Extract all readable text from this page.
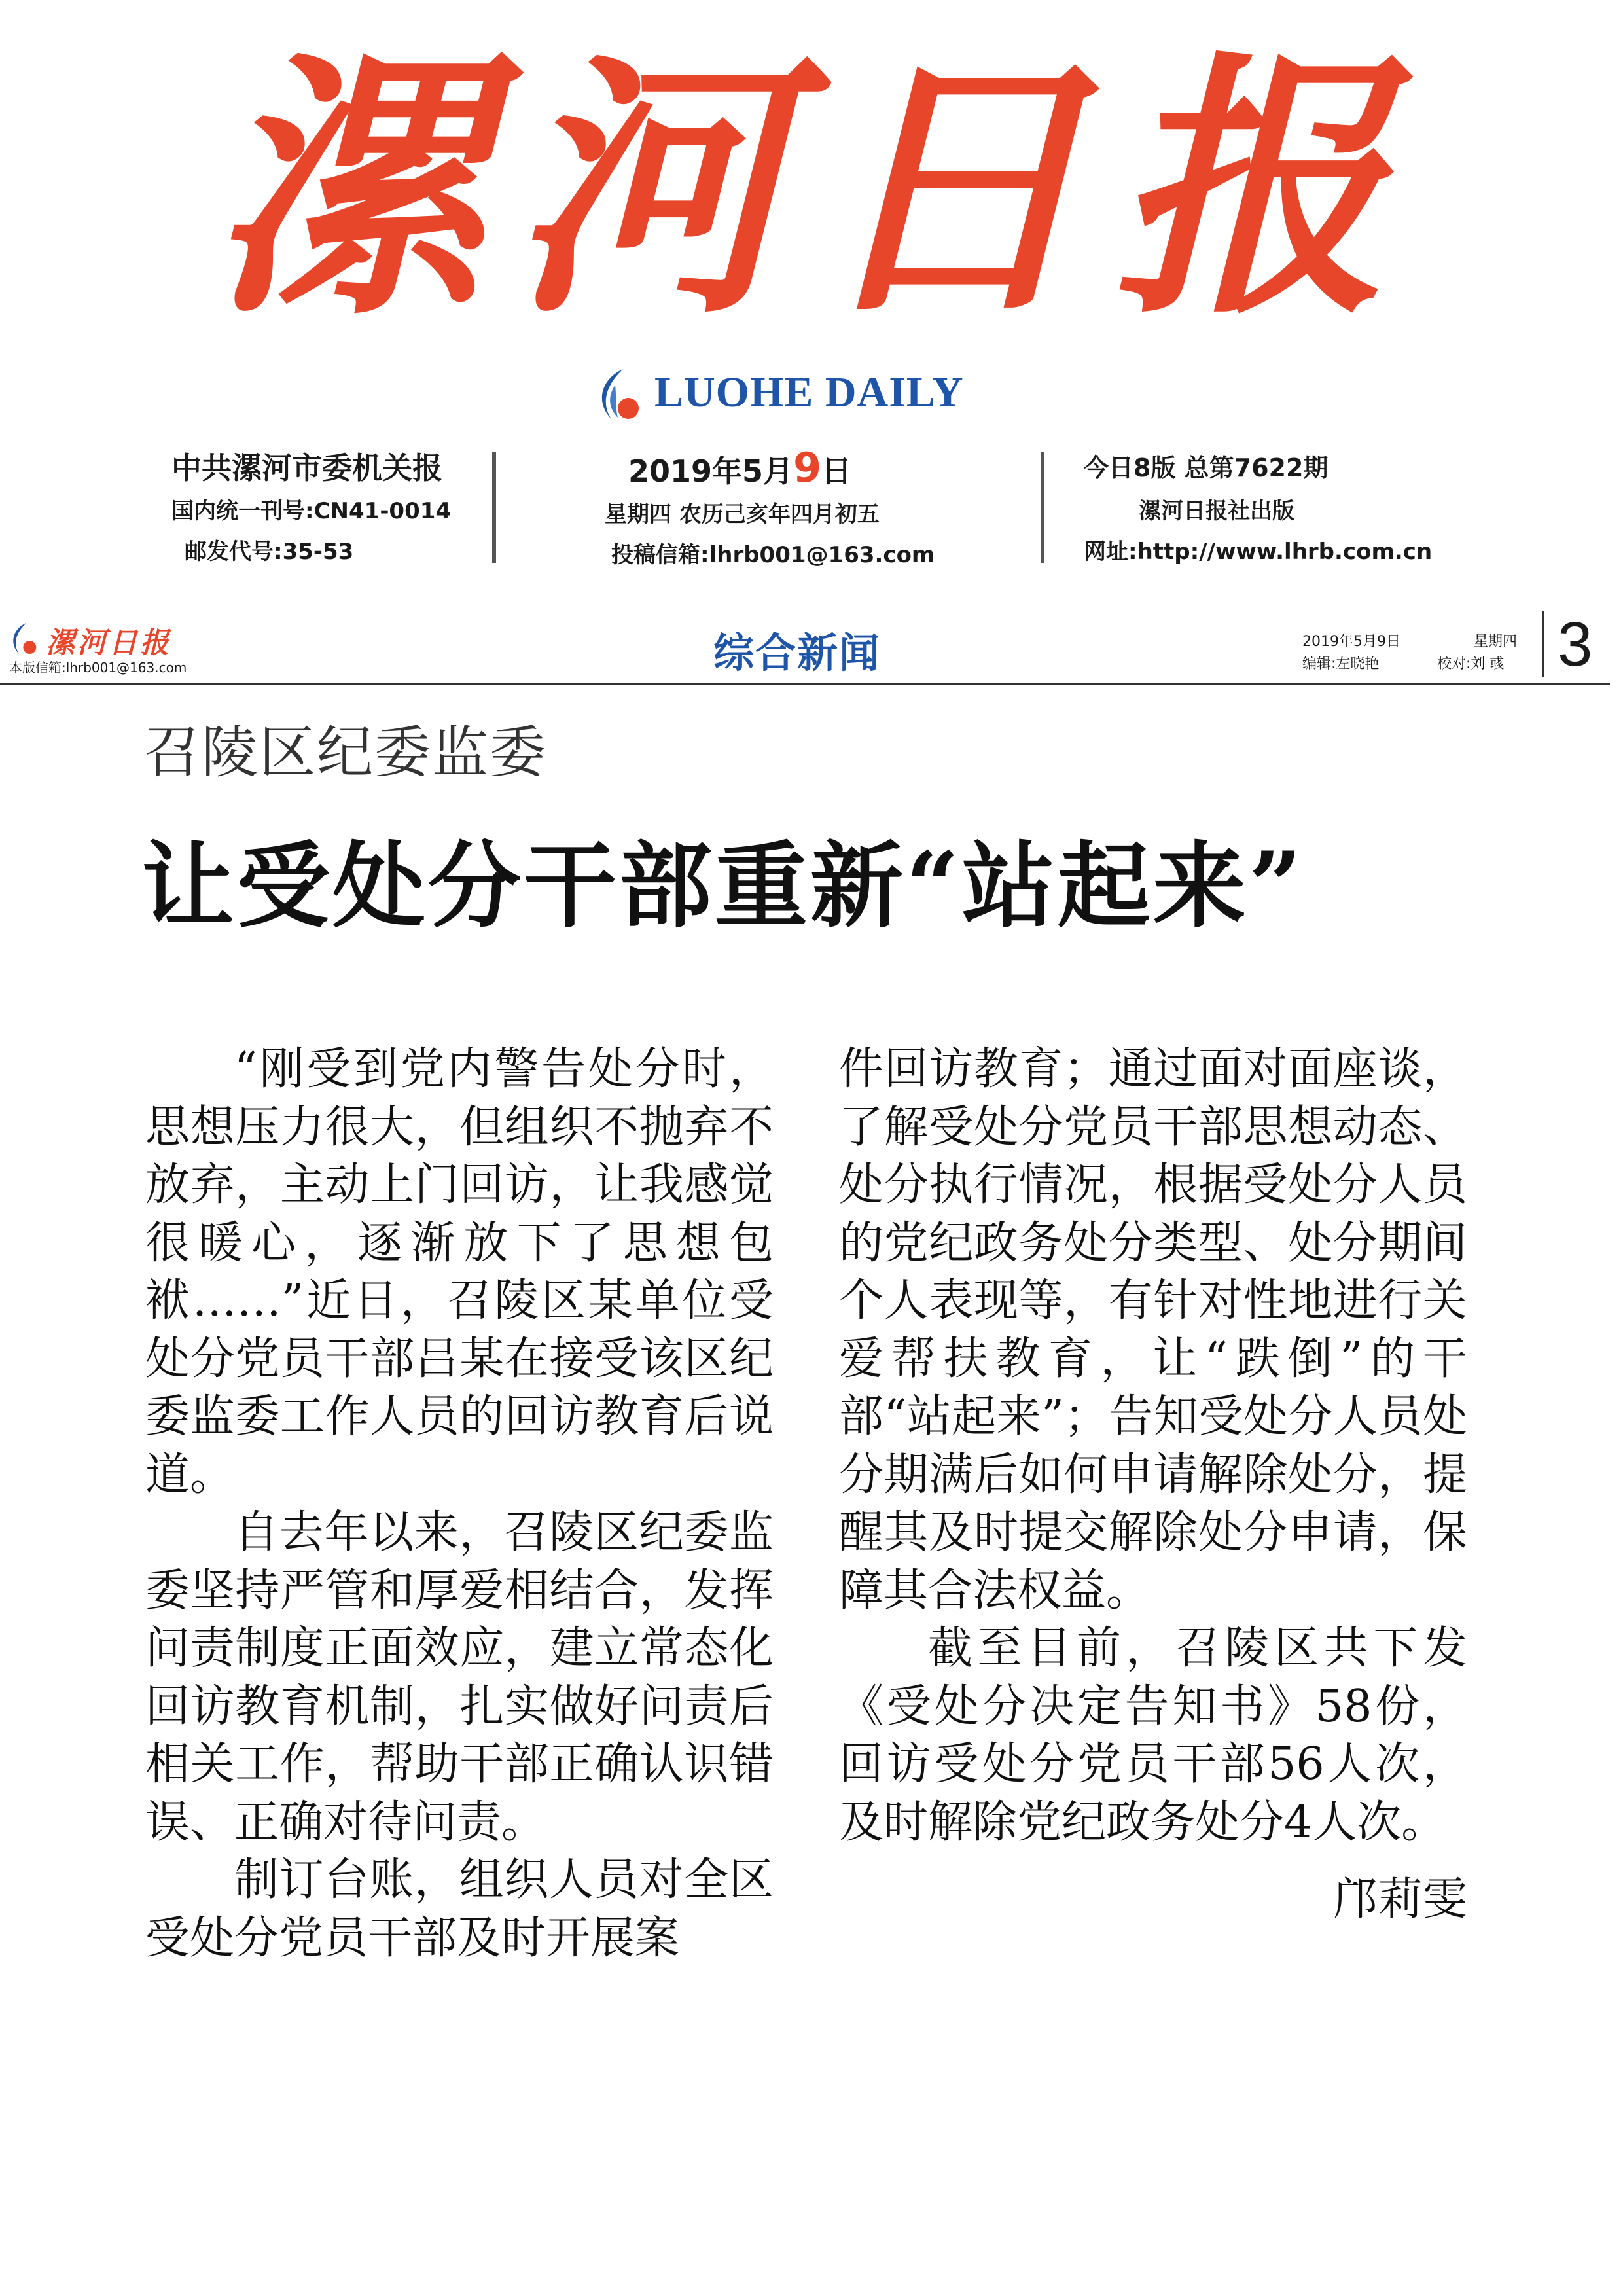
漯河日报
LUOHE DAILY
中共漯河市委机关报
国内统一刊号:CN41-0014
邮发代号:35-53
2019年5月9日
星期四 农历己亥年四月初五
投稿信箱:lhrb001@163.com
今日8版 总第7622期
漯河日报社出版
网址:http://www.lhrb.com.cn
漯河日报
本版信箱:lhrb001@163.com	综合新闻	2019年5月9日
编辑:左晓艳
星期四
校对:刘 彧 3
召陵区纪委监委
让受处分干部重新“站起来”

“刚受到党内警告处分时，思想压力很大，但组织不抛弃不放弃，主动上门回访，让我感觉很暖心，逐渐放下了思想包袱……”近日，召陵区某单位受处分党员干部吕某在接受该区纪委监委工作人员的回访教育后说道。

自去年以来，召陵区纪委监委坚持严管和厚爱相结合，发挥问责制度正面效应，建立常态化回访教育机制，扎实做好问责后相关工作，帮助干部正确认识错误、正确对待问责。

制订台账，组织人员对全区受处分党员干部及时开展案

件回访教育；通过面对面座谈，了解受处分党员干部思想动态、处分执行情况，根据受处分人员的党纪政务处分类型、处分期间个人表现等，有针对性地进行关爱帮扶教育，让“跌倒”的干部“站起来”；告知受处分人员处分期满后如何申请解除处分，提醒其及时提交解除处分申请，保障其合法权益。

截至目前，召陵区共下发《受处分决定告知书》58份，回访受处分党员干部56人次，及时解除党纪政务处分4人次。

邝莉雯
